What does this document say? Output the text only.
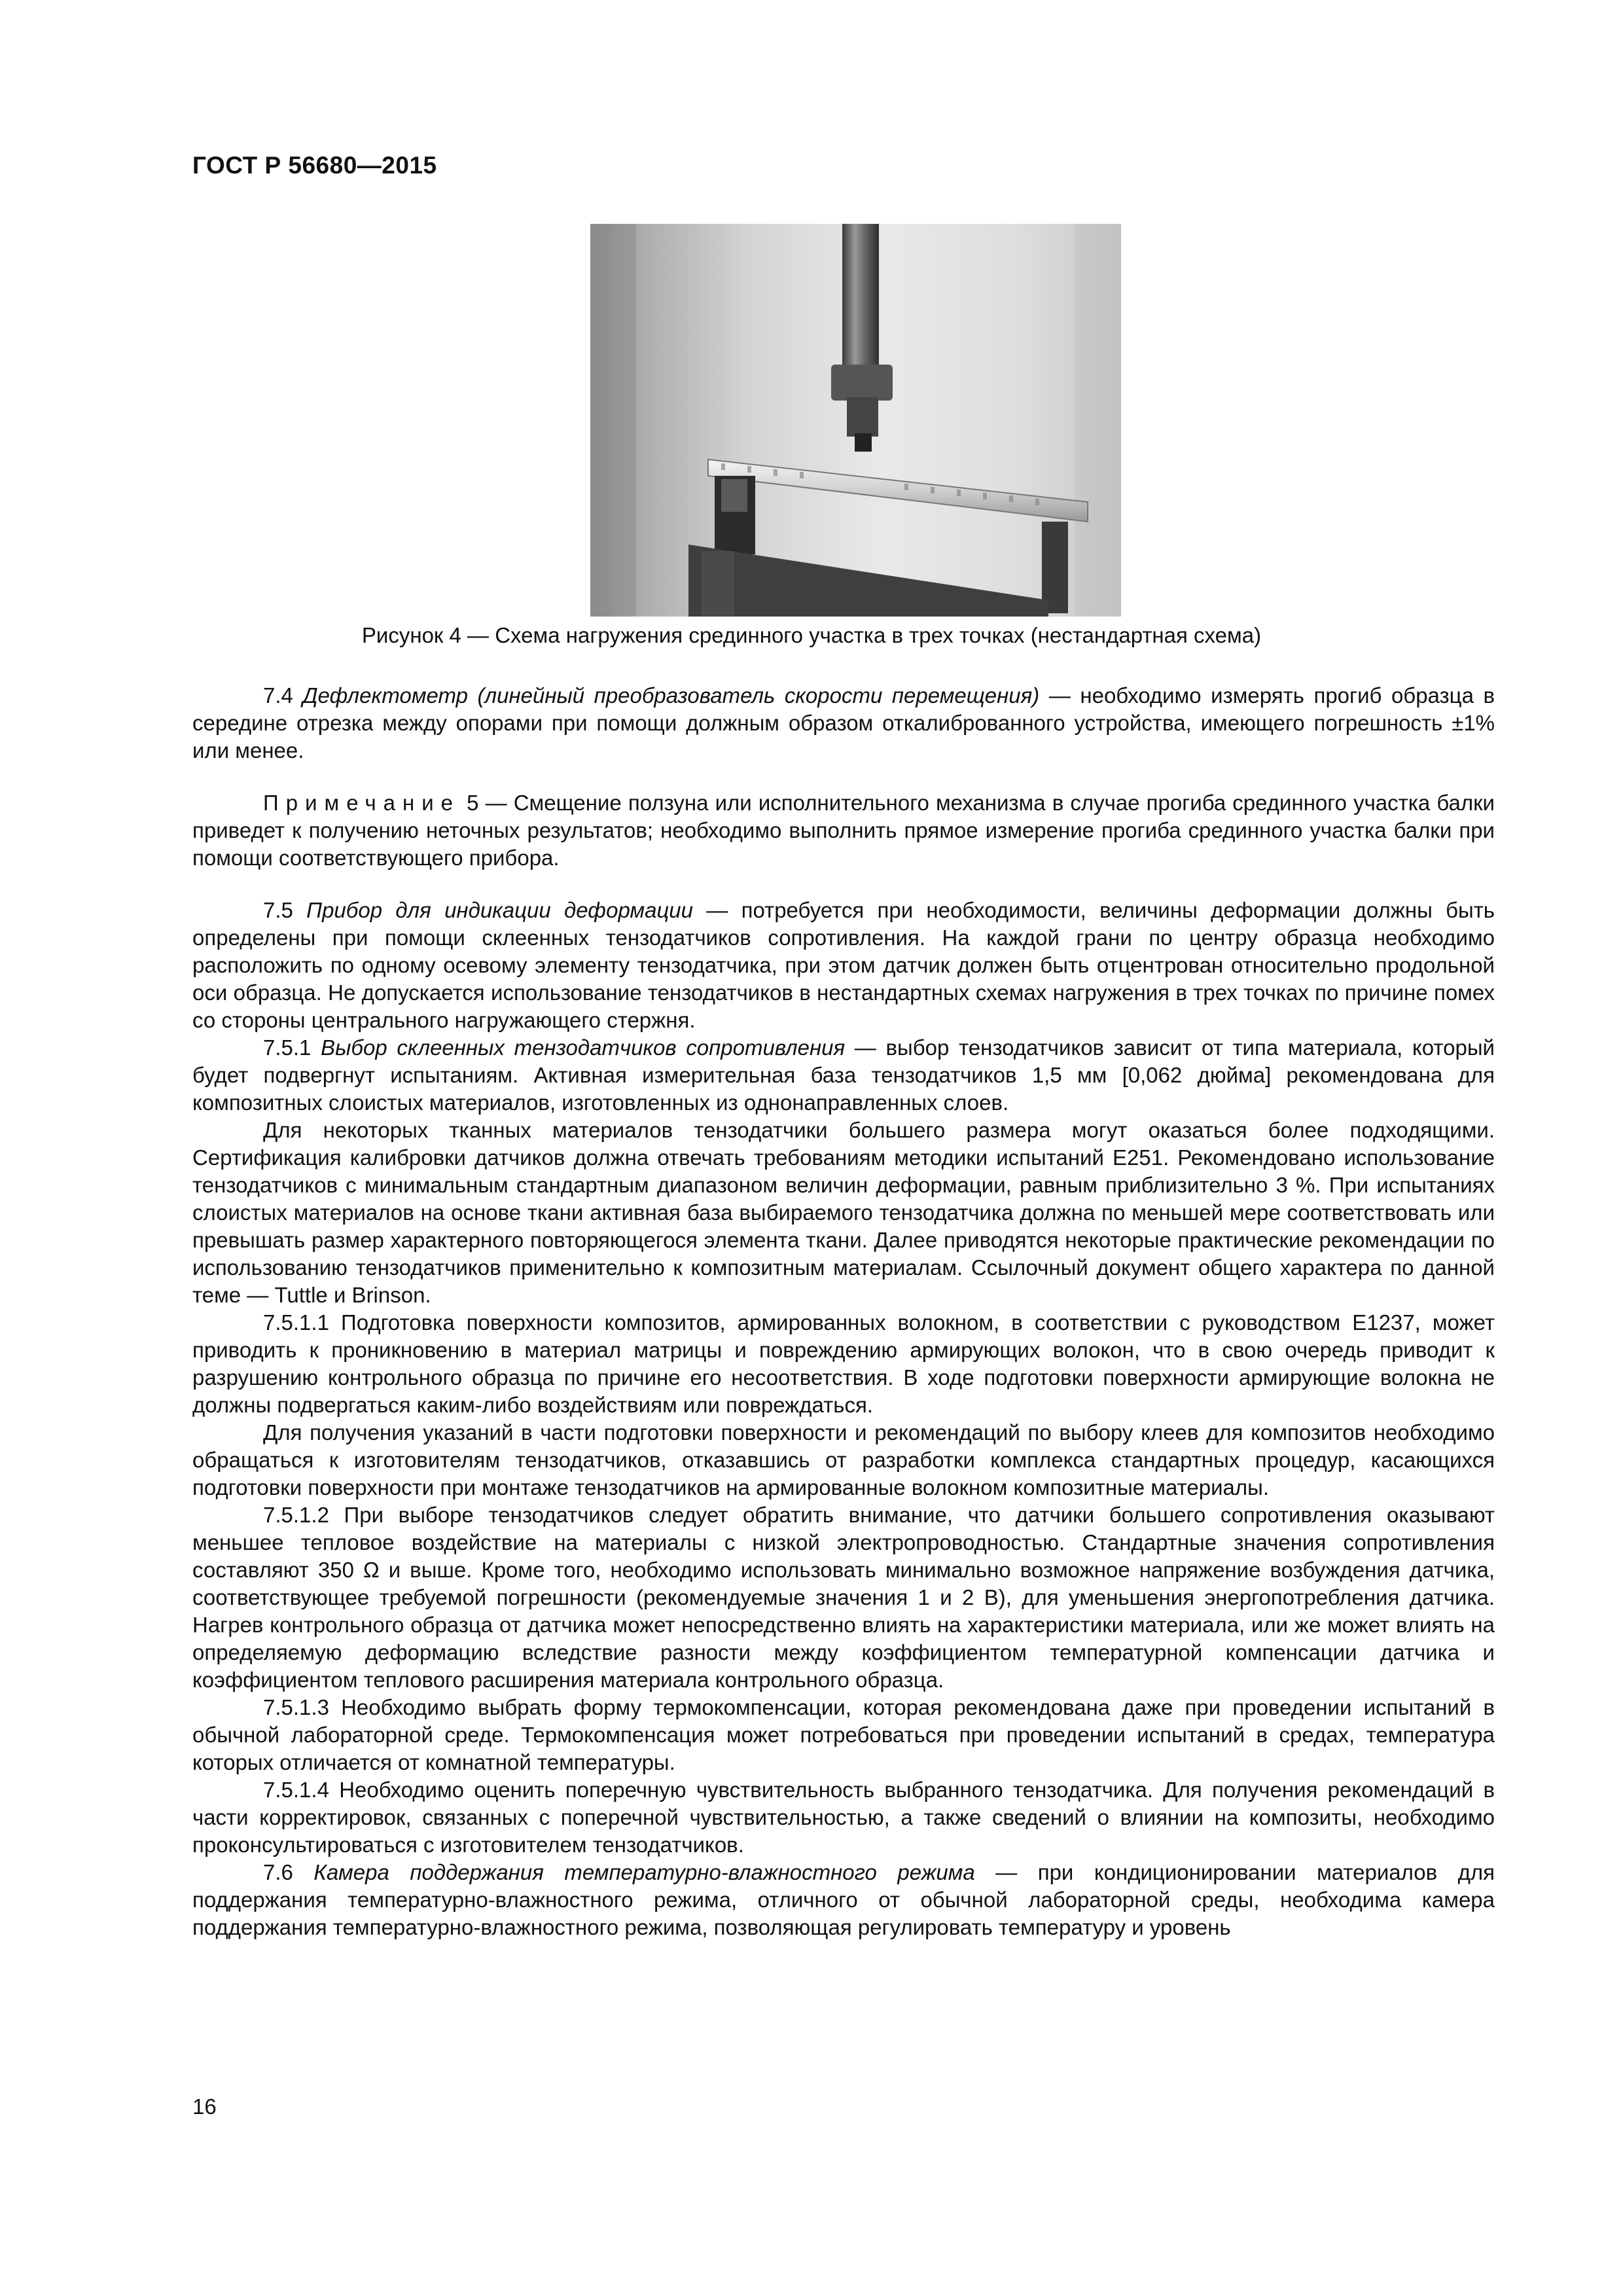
ГОСТ Р 56680—2015
Рисунок 4 — Схема нагружения срединного участка в трех точках (нестандартная схема)

7.4 Дефлектометр (линейный преобразователь скорости перемещения) — необходимо измерять прогиб образца в середине отрезка между опорами при помощи должным образом откалиброванного устройства, имеющего погрешность ±1% или менее.

Примечание 5 — Смещение ползуна или исполнительного механизма в случае прогиба срединного участка балки приведет к получению неточных результатов; необходимо выполнить прямое измерение прогиба срединного участка балки при помощи соответствующего прибора.

7.5 Прибор для индикации деформации — потребуется при необходимости, величины деформации должны быть определены при помощи склеенных тензодатчиков сопротивления. На каждой грани по центру образца необходимо расположить по одному осевому элементу тензодатчика, при этом датчик должен быть отцентрован относительно продольной оси образца. Не допускается использование тензодатчиков в нестандартных схемах нагружения в трех точках по причине помех со стороны центрального нагружающего стержня.

7.5.1 Выбор склеенных тензодатчиков сопротивления — выбор тензодатчиков зависит от типа материала, который будет подвергнут испытаниям. Активная измерительная база тензодатчиков 1,5 мм [0,062 дюйма] рекомендована для композитных слоистых материалов, изготовленных из однонаправленных слоев.

Для некоторых тканных материалов тензодатчики большего размера могут оказаться более подходящими. Сертификация калибровки датчиков должна отвечать требованиям методики испытаний Е251. Рекомендовано использование тензодатчиков с минимальным стандартным диапазоном величин деформации, равным приблизительно 3 %. При испытаниях слоистых материалов на основе ткани активная база выбираемого тензодатчика должна по меньшей мере соответствовать или превышать размер характерного повторяющегося элемента ткани. Далее приводятся некоторые практические рекомендации по использованию тензодатчиков применительно к композитным материалам. Ссылочный документ общего характера по данной теме — Tuttle и Brinson.

7.5.1.1 Подготовка поверхности композитов, армированных волокном, в соответствии с руководством Е1237, может приводить к проникновению в материал матрицы и повреждению армирующих волокон, что в свою очередь приводит к разрушению контрольного образца по причине его несоответствия. В ходе подготовки поверхности армирующие волокна не должны подвергаться каким-либо воздействиям или повреждаться.

Для получения указаний в части подготовки поверхности и рекомендаций по выбору клеев для композитов необходимо обращаться к изготовителям тензодатчиков, отказавшись от разработки комплекса стандартных процедур, касающихся подготовки поверхности при монтаже тензодатчиков на армированные волокном композитные материалы.

7.5.1.2 При выборе тензодатчиков следует обратить внимание, что датчики большего сопротивления оказывают меньшее тепловое воздействие на материалы с низкой электропроводностью. Стандартные значения сопротивления составляют 350 Ω и выше. Кроме того, необходимо использовать минимально возможное напряжение возбуждения датчика, соответствующее требуемой погрешности (рекомендуемые значения 1 и 2 В), для уменьшения энергопотребления датчика. Нагрев контрольного образца от датчика может непосредственно влиять на характеристики материала, или же может влиять на определяемую деформацию вследствие разности между коэффициентом температурной компенсации датчика и коэффициентом теплового расширения материала контрольного образца.

7.5.1.3 Необходимо выбрать форму термокомпенсации, которая рекомендована даже при проведении испытаний в обычной лабораторной среде. Термокомпенсация может потребоваться при проведении испытаний в средах, температура которых отличается от комнатной температуры.

7.5.1.4 Необходимо оценить поперечную чувствительность выбранного тензодатчика. Для получения рекомендаций в части корректировок, связанных с поперечной чувствительностью, а также сведений о влиянии на композиты, необходимо проконсультироваться с изготовителем тензодатчиков.

7.6 Камера поддержания температурно-влажностного режима — при кондиционировании материалов для поддержания температурно-влажностного режима, отличного от обычной лабораторной среды, необходима камера поддержания температурно-влажностного режима, позволяющая регулировать температуру и уровень

16
